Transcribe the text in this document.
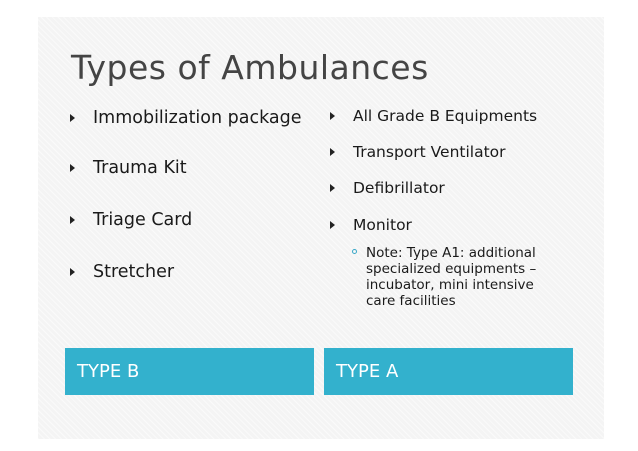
Types of Ambulances
Immobilization package
Trauma Kit
Triage Card
Stretcher
All Grade B Equipments
Transport Ventilator
Defibrillator
Monitor
Note: Type A1: additional specialized equipments – incubator, mini intensive care facilities
TYPE B	TYPE A
